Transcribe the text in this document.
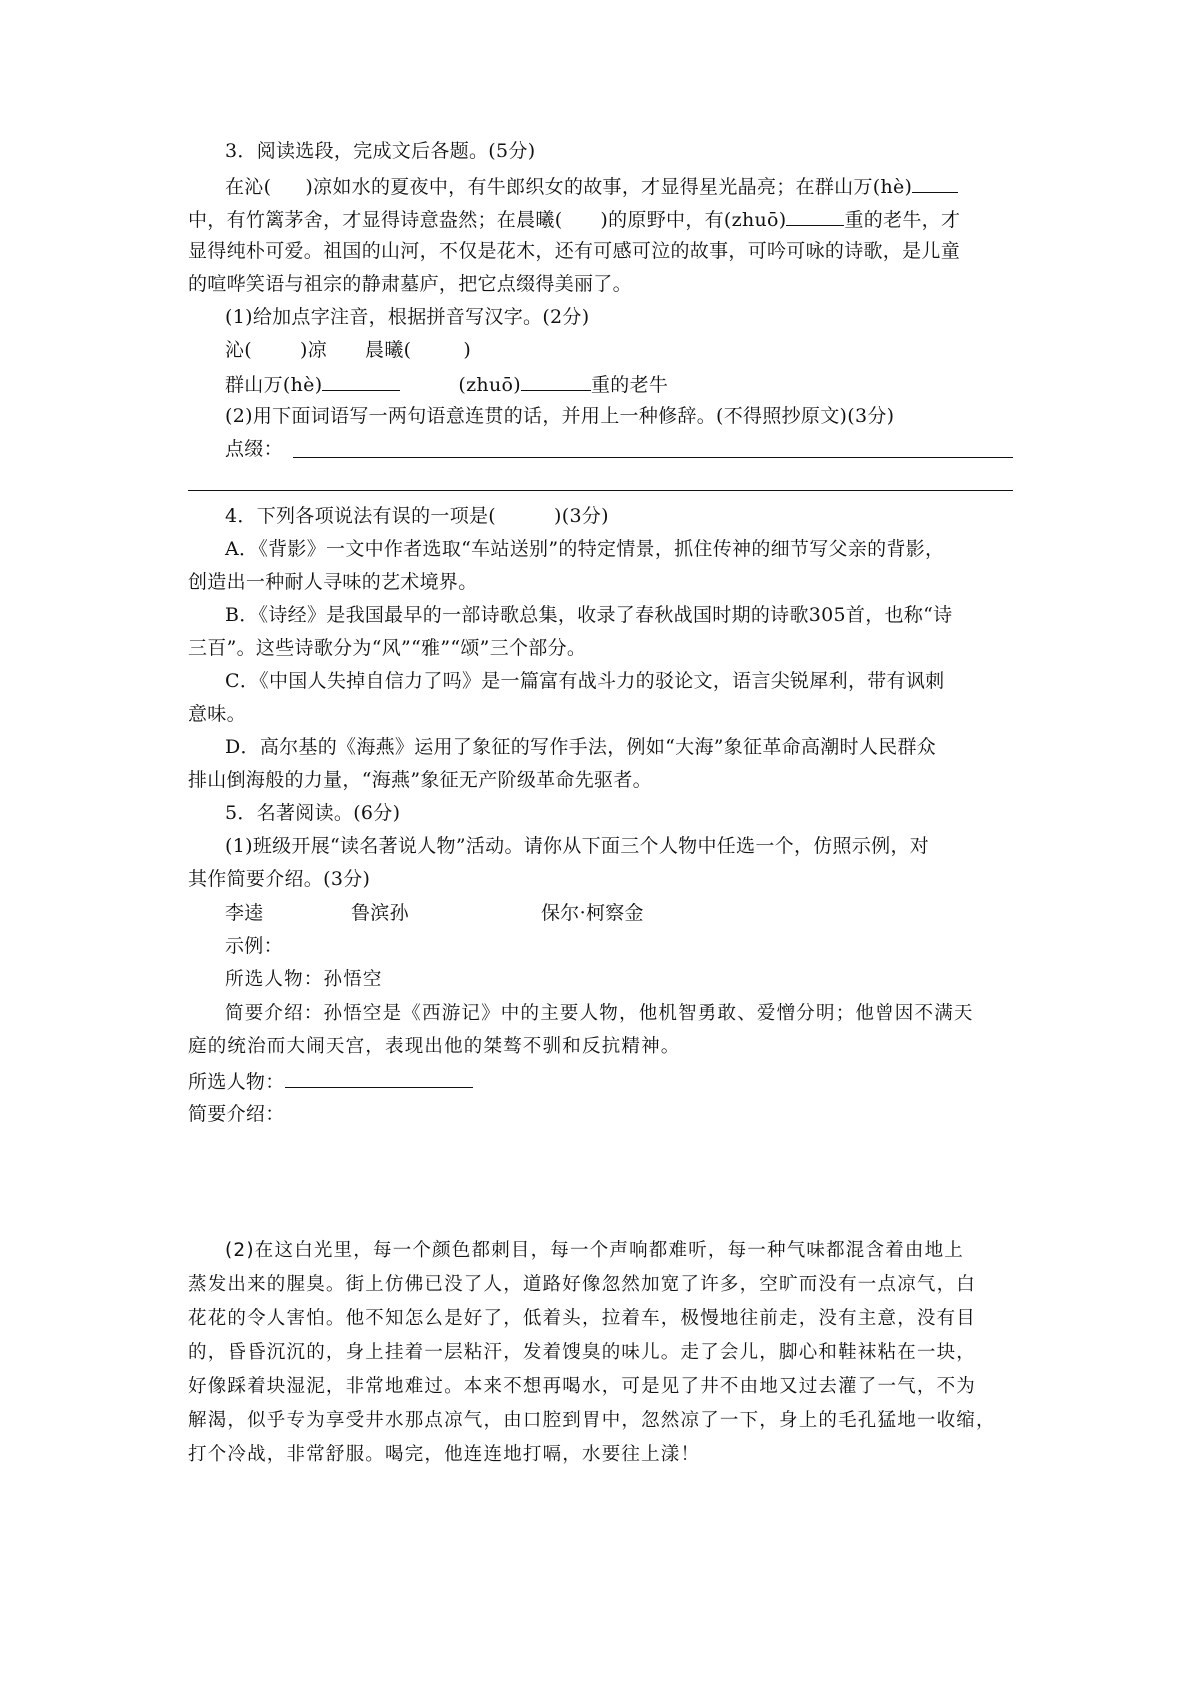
3．阅读选段，完成文后各题。(5分)
在沁( )凉如水的夏夜中，有牛郎织女的故事，才显得星光晶亮；在群山万(hè)
中，有竹篱茅舍，才显得诗意盎然；在晨曦( )的原野中，有(zhuō)	重的老牛，才
显得纯朴可爱。祖国的山河，不仅是花木，还有可感可泣的故事，可吟可咏的诗歌，是儿童
的喧哗笑语与祖宗的静肃墓庐，把它点缀得美丽了。
(1)给加点字注音，根据拼音写汉字。(2分)
沁(	)凉 晨曦(	)
群山万(hè)	(zhuō)	重的老牛
(2)用下面词语写一两句语意连贯的话，并用上一种修辞。(不得照抄原文)(3分)
点缀：
4．下列各项说法有误的一项是(	)(3分)
A．《背影》一文中作者选取“车站送别”的特定情景，抓住传神的细节写父亲的背影，
创造出一种耐人寻味的艺术境界。
B．《诗经》是我国最早的一部诗歌总集，收录了春秋战国时期的诗歌305首，也称“诗
三百”。这些诗歌分为“风”“雅”“颂”三个部分。
C．《中国人失掉自信力了吗》是一篇富有战斗力的驳论文，语言尖锐犀利，带有讽刺
意味。
D．高尔基的《海燕》运用了象征的写作手法，例如“大海”象征革命高潮时人民群众
排山倒海般的力量，“海燕”象征无产阶级革命先驱者。
5．名著阅读。(6分)
(1)班级开展“读名著说人物”活动。请你从下面三个人物中任选一个，仿照示例，对
其作简要介绍。(3分)
李逵	鲁滨孙	保尔·柯察金
示例：
所选人物：孙悟空
简要介绍：孙悟空是《西游记》中的主要人物，他机智勇敢、爱憎分明；他曾因不满天
庭的统治而大闹天宫，表现出他的桀骜不驯和反抗精神。
所选人物：
简要介绍：
(2)在这白光里，每一个颜色都刺目，每一个声响都难听，每一种气味都混含着由地上
蒸发出来的腥臭。街上仿佛已没了人，道路好像忽然加宽了许多，空旷而没有一点凉气，白
花花的令人害怕。他不知怎么是好了，低着头，拉着车，极慢地往前走，没有主意，没有目
的，昏昏沉沉的，身上挂着一层粘汗，发着馊臭的味儿。走了会儿，脚心和鞋袜粘在一块，
好像踩着块湿泥，非常地难过。本来不想再喝水，可是见了井不由地又过去灌了一气，不为
解渴，似乎专为享受井水那点凉气，由口腔到胃中，忽然凉了一下，身上的毛孔猛地一收缩，
打个冷战，非常舒服。喝完，他连连地打嗝，水要往上漾！
